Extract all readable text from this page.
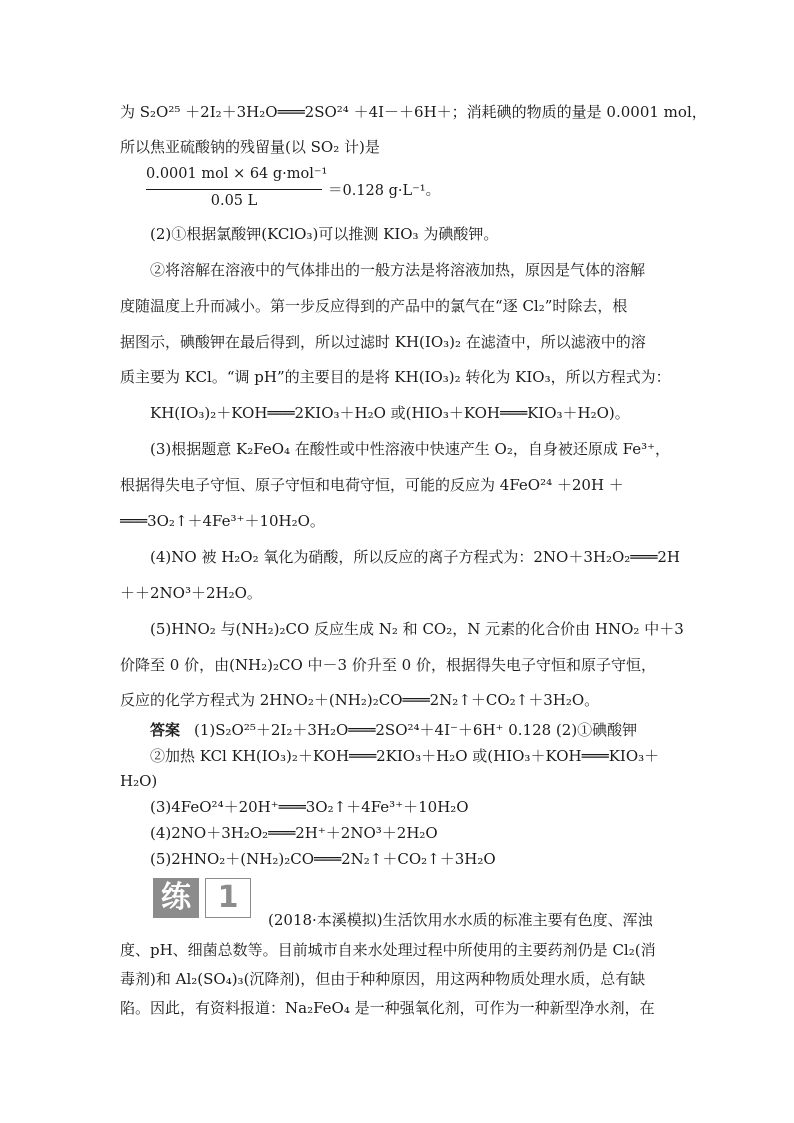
为 S₂O²⁵ ＋2I₂＋3H₂O═══2SO²⁴ ＋4I－＋6H＋；消耗碘的物质的量是 0.0001 mol，
所以焦亚硫酸钠的残留量(以 SO₂ 计)是
0.0001 mol × 64 g·mol⁻¹
0.05 L
＝0.128 g·L⁻¹。
(2)①根据氯酸钾(KClO₃)可以推测 KIO₃ 为碘酸钾。
②将溶解在溶液中的气体排出的一般方法是将溶液加热，原因是气体的溶解
度随温度上升而减小。第一步反应得到的产品中的氯气在“逐 Cl₂”时除去，根
据图示，碘酸钾在最后得到，所以过滤时 KH(IO₃)₂ 在滤渣中，所以滤液中的溶
质主要为 KCl。“调 pH”的主要目的是将 KH(IO₃)₂ 转化为 KIO₃，所以方程式为：
KH(IO₃)₂＋KOH═══2KIO₃＋H₂O 或(HIO₃＋KOH═══KIO₃＋H₂O)。
(3)根据题意 K₂FeO₄ 在酸性或中性溶液中快速产生 O₂，自身被还原成 Fe³⁺，
根据得失电子守恒、原子守恒和电荷守恒，可能的反应为 4FeO²⁴ ＋20H ＋
═══3O₂↑＋4Fe³⁺＋10H₂O。
(4)NO 被 H₂O₂ 氧化为硝酸，所以反应的离子方程式为：2NO＋3H₂O₂═══2H
＋＋2NO³＋2H₂O。
(5)HNO₂ 与(NH₂)₂CO 反应生成 N₂ 和 CO₂，N 元素的化合价由 HNO₂ 中＋3
价降至 0 价，由(NH₂)₂CO 中－3 价升至 0 价，根据得失电子守恒和原子守恒，
反应的化学方程式为 2HNO₂＋(NH₂)₂CO═══2N₂↑＋CO₂↑＋3H₂O。
答案 (1)S₂O²⁵＋2I₂＋3H₂O═══2SO²⁴＋4I⁻＋6H⁺ 0.128 (2)①碘酸钾
②加热 KCl KH(IO₃)₂＋KOH═══2KIO₃＋H₂O 或(HIO₃＋KOH═══KIO₃＋
H₂O)
(3)4FeO²⁴＋20H⁺═══3O₂↑＋4Fe³⁺＋10H₂O
(4)2NO＋3H₂O₂═══2H⁺＋2NO³＋2H₂O
(5)2HNO₂＋(NH₂)₂CO═══2N₂↑＋CO₂↑＋3H₂O
练 1
(2018·本溪模拟)生活饮用水水质的标准主要有色度、浑浊
度、pH、细菌总数等。目前城市自来水处理过程中所使用的主要药剂仍是 Cl₂(消
毒剂)和 Al₂(SO₄)₃(沉降剂)，但由于种种原因，用这两种物质处理水质，总有缺
陷。因此，有资料报道：Na₂FeO₄ 是一种强氧化剂，可作为一种新型净水剂，在
